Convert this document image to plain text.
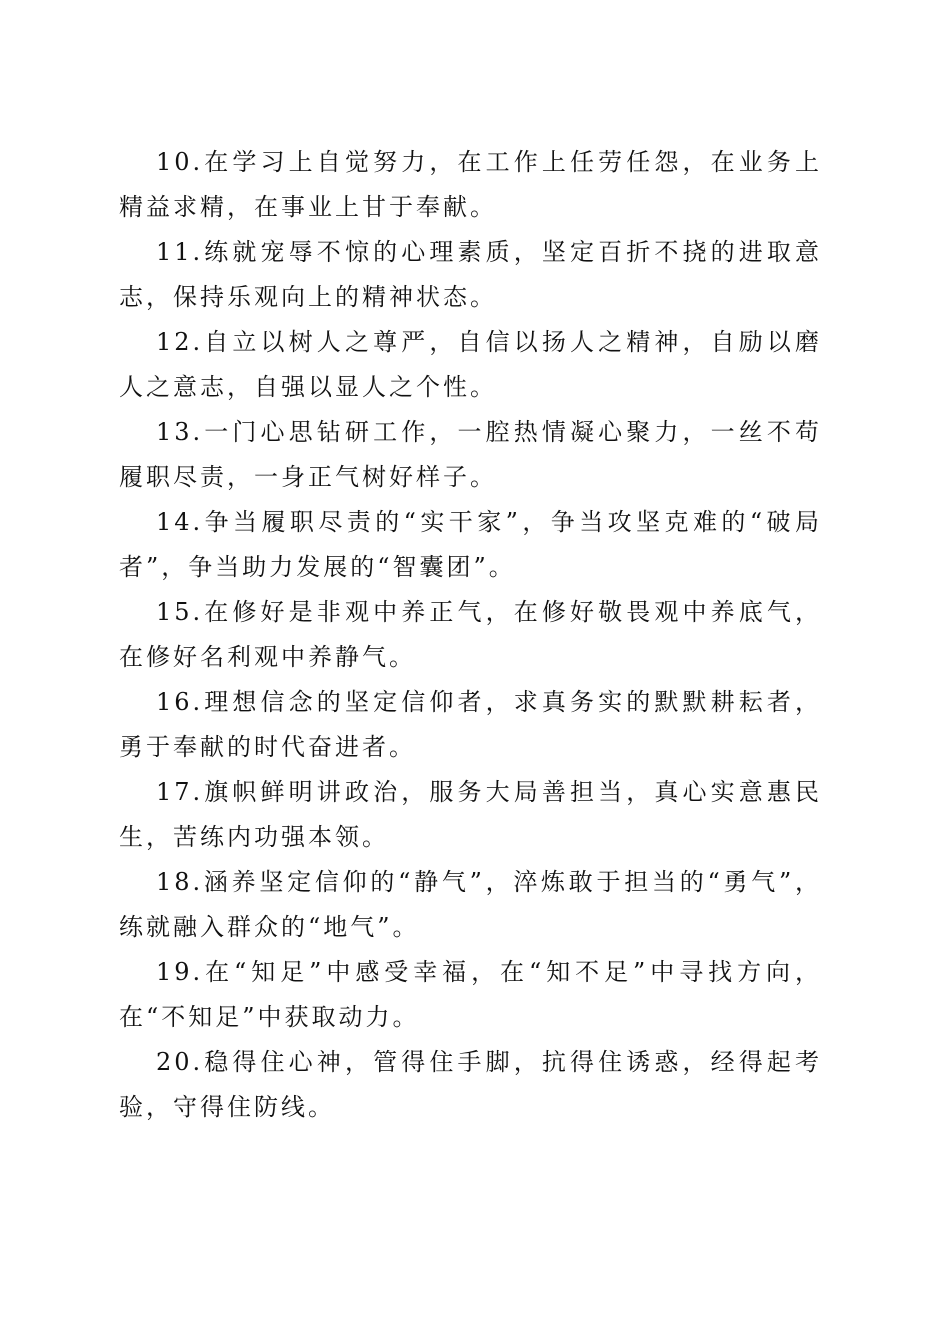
10.在学习上自觉努力，在工作上任劳任怨，在业务上精益求精，在事业上甘于奉献。

11.练就宠辱不惊的心理素质，坚定百折不挠的进取意志，保持乐观向上的精神状态。

12.自立以树人之尊严，自信以扬人之精神，自励以磨人之意志，自强以显人之个性。

13.一门心思钻研工作，一腔热情凝心聚力，一丝不苟履职尽责，一身正气树好样子。

14.争当履职尽责的“实干家”，争当攻坚克难的“破局者”，争当助力发展的“智囊团”。

15.在修好是非观中养正气，在修好敬畏观中养底气，在修好名利观中养静气。

16.理想信念的坚定信仰者，求真务实的默默耕耘者，勇于奉献的时代奋进者。

17.旗帜鲜明讲政治，服务大局善担当，真心实意惠民生，苦练内功强本领。

18.涵养坚定信仰的“静气”，淬炼敢于担当的“勇气”，练就融入群众的“地气”。

19.在“知足”中感受幸福，在“知不足”中寻找方向，在“不知足”中获取动力。

20.稳得住心神，管得住手脚，抗得住诱惑，经得起考验，守得住防线。
